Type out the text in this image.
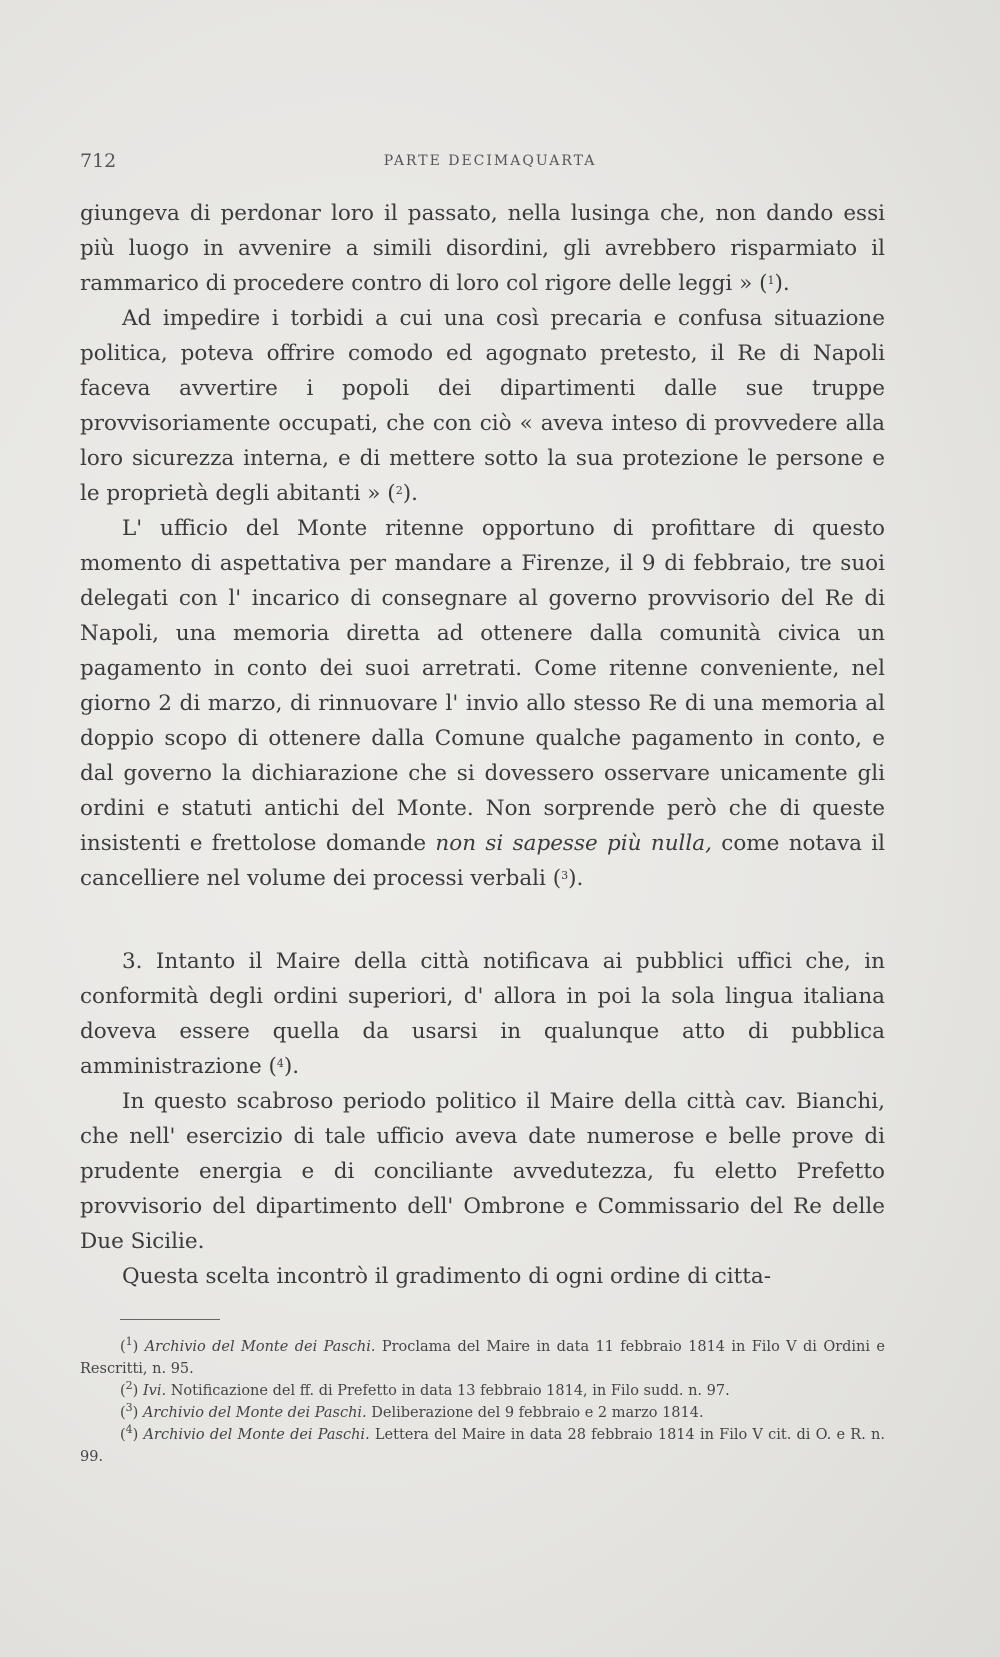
712	PARTE DECIMAQUARTA

giungeva di perdonar loro il passato, nella lusinga che, non dando essi più luogo in avvenire a simili disordini, gli avrebbero risparmiato il rammarico di procedere contro di loro col rigore delle leggi » ($^1$).

Ad impedire i torbidi a cui una così precaria e confusa situazione politica, poteva offrire comodo ed agognato pretesto, il Re di Napoli faceva avvertire i popoli dei dipartimenti dalle sue truppe provvisoriamente occupati, che con ciò « aveva inteso di provvedere alla loro sicurezza interna, e di mettere sotto la sua protezione le persone e le proprietà degli abitanti » ($^2$).

L' ufficio del Monte ritenne opportuno di profittare di questo momento di aspettativa per mandare a Firenze, il 9 di febbraio, tre suoi delegati con l' incarico di consegnare al governo provvisorio del Re di Napoli, una memoria diretta ad ottenere dalla comunità civica un pagamento in conto dei suoi arretrati. Come ritenne conveniente, nel giorno 2 di marzo, di rinnuovare l' invio allo stesso Re di una memoria al doppio scopo di ottenere dalla Comune qualche pagamento in conto, e dal governo la dichiarazione che si dovessero osservare unicamente gli ordini e statuti antichi del Monte. Non sorprende però che di queste insistenti e frettolose domande non si sapesse più nulla, come notava il cancelliere nel volume dei processi verbali ($^3$).

3. Intanto il Maire della città notificava ai pubblici uffici che, in conformità degli ordini superiori, d' allora in poi la sola lingua italiana doveva essere quella da usarsi in qualunque atto di pubblica amministrazione ($^4$).

In questo scabroso periodo politico il Maire della città cav. Bianchi, che nell' esercizio di tale ufficio aveva date numerose e belle prove di prudente energia e di conciliante avvedutezza, fu eletto Prefetto provvisorio del dipartimento dell' Ombrone e Commissario del Re delle Due Sicilie.

Questa scelta incontrò il gradimento di ogni ordine di citta-

($^1$) Archivio del Monte dei Paschi. Proclama del Maire in data 11 febbraio 1814 in Filo V di Ordini e Rescritti, n. 95.

($^2$) Ivi. Notificazione del ff. di Prefetto in data 13 febbraio 1814, in Filo sudd. n. 97.

($^3$) Archivio del Monte dei Paschi. Deliberazione del 9 febbraio e 2 marzo 1814.

($^4$) Archivio del Monte dei Paschi. Lettera del Maire in data 28 febbraio 1814 in Filo V cit. di O. e R. n. 99.
